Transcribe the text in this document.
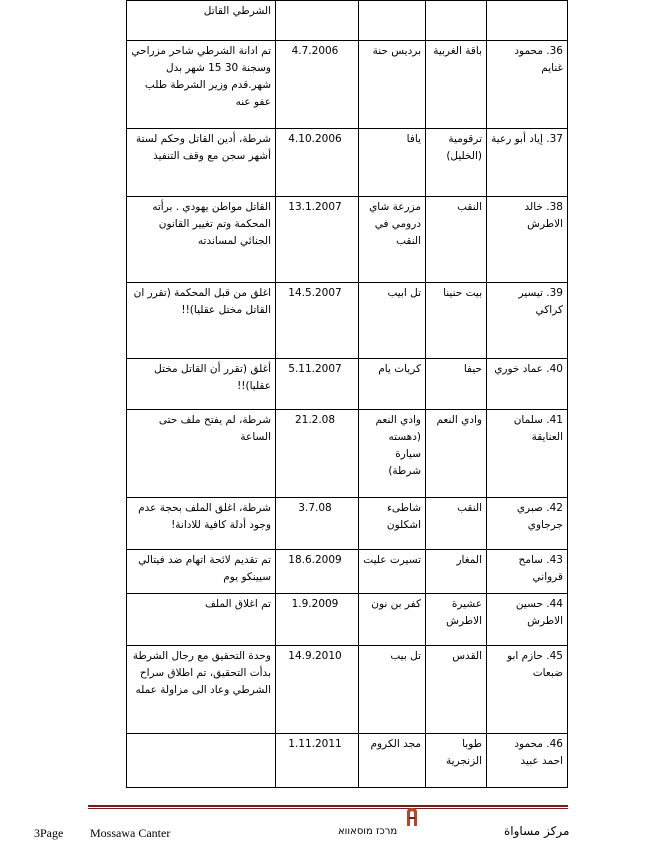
				الشرطي القاتل
36. محمود غنايم	باقة الغربية	برديس حنة	4.7.2006	تم ادانة الشرطي شاحر مزراحي وسجنة 30 15 شهر بدل شهر.قدم وزير الشرطة طلب عفو عنه
37. إياد أبو رعية	ترقومية (الخليل)	يافا	4.10.2006	شرطة، أدين القاتل وحكم لستة أشهر سجن مع وقف التنفيذ
38. خالد الاطرش	النقب	مزرعة شاي درومي في النقب	13.1.2007	القاتل مواطن يهودي . برأته المحكمة وتم تغيير القانون الجنائي لمساندته
39. تيسير كراكي	بيت حنينا	تل ابيب	14.5.2007	اغلق من قبل المحكمة (تقرر ان القاتل مختل عقليا)!!
40. عماد خوري	حيفا	كريات يام	5.11.2007	أغلق (تقرر أن القاتل مختل عقليا)!!
41. سلمان العنايقة	وادي النعم	وادي النعم (دهسته سيارة شرطة)	21.2.08	شرطة، لم يفتح ملف حتى الساعة
42. صبري جرجاوي	النقب	شاطىء اشكلون	3.7.08	شرطة، اغلق الملف بحجة عدم وجود أدلة كافية للادانة!
43. سامح قرواني	المغار	تسيرت عليت	18.6.2009	تم تقديم لائحة اتهام ضد فيتالي سيينكو يوم
44. حسين الاطرش	عشيرة الاطرش	كفر بن نون	1.9.2009	تم اغلاق الملف
45. حازم ابو ضبعات	القدس	تل بيب	14.9.2010	وحدة التحقيق مع رجال الشرطة بدأت التحقيق، تم اطلاق سراح الشرطي وعاد الى مزاولة عمله
46. محمود احمد عبيد	طوبا الزنجرية	مجد الكروم	1.11.2011	
3Page Mossawa Canter	מרכז מוסאווא	مركز مساواة
